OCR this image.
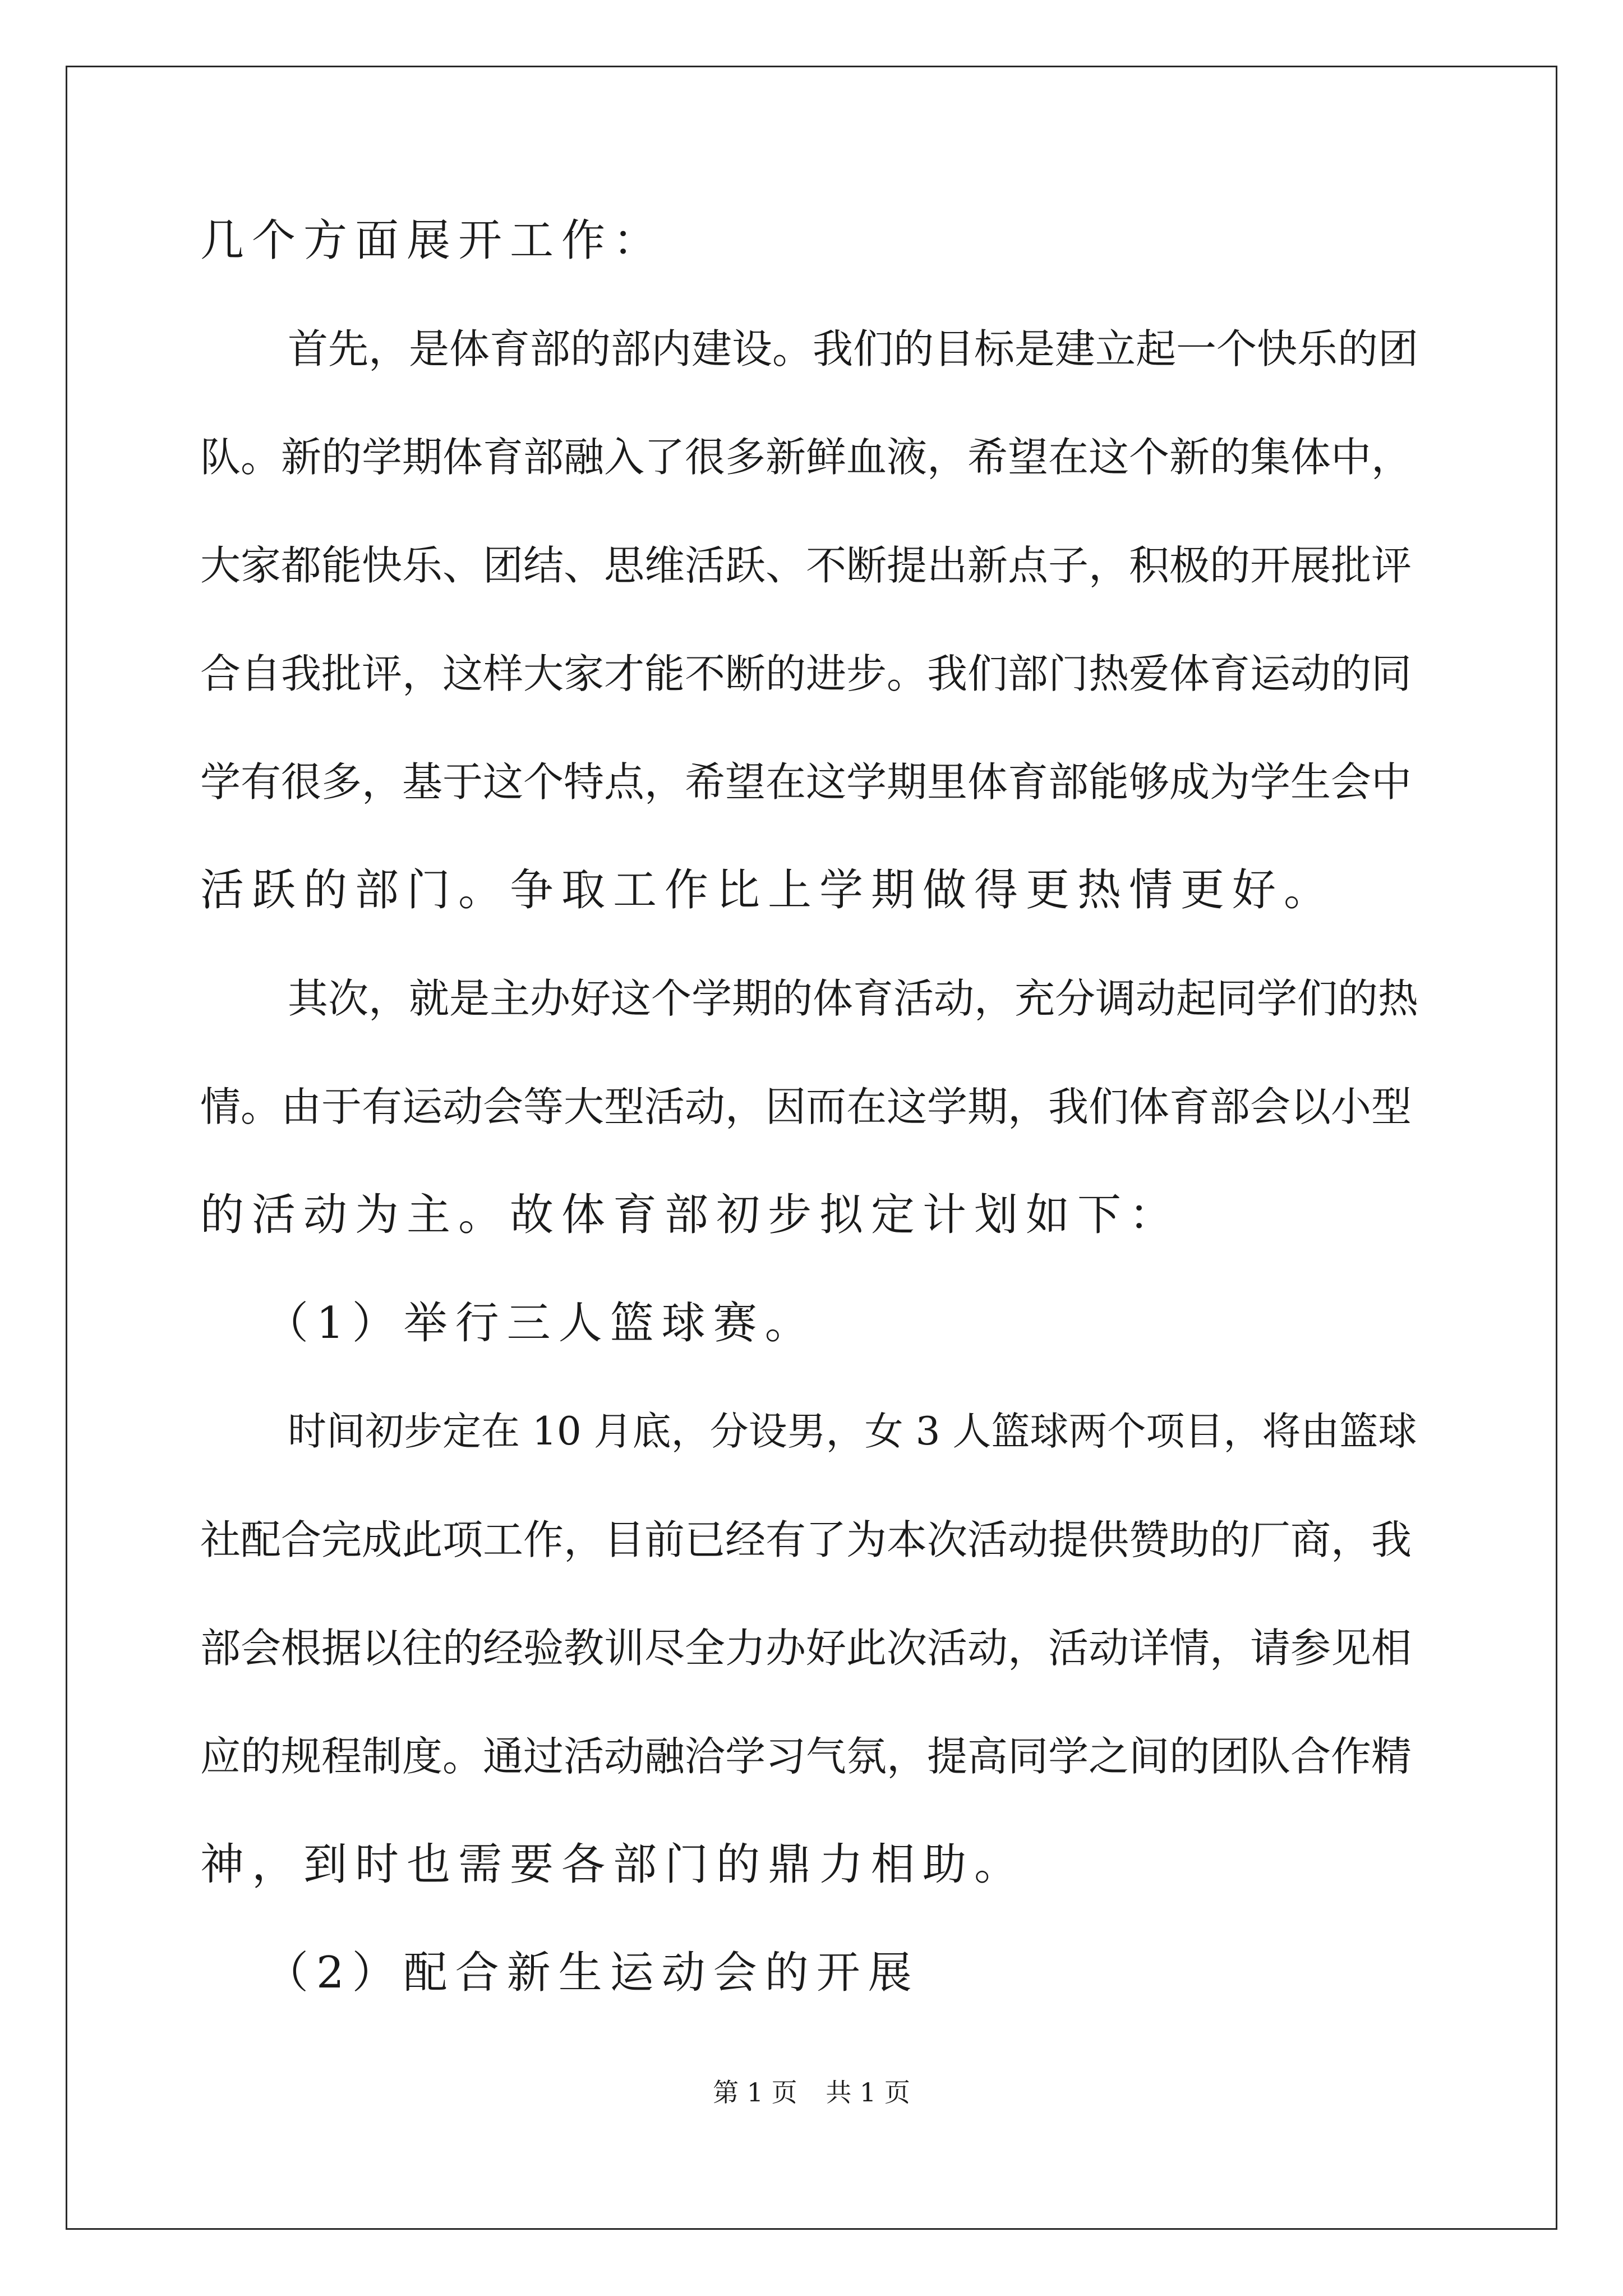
几个方面展开工作：
首先，是体育部的部内建设。我们的目标是建立起一个快乐的团
队。新的学期体育部融入了很多新鲜血液，希望在这个新的集体中，
大家都能快乐、团结、思维活跃、不断提出新点子，积极的开展批评
合自我批评，这样大家才能不断的进步。我们部门热爱体育运动的同
学有很多，基于这个特点，希望在这学期里体育部能够成为学生会中
活跃的部门。争取工作比上学期做得更热情更好。
其次，就是主办好这个学期的体育活动，充分调动起同学们的热
情。由于有运动会等大型活动，因而在这学期，我们体育部会以小型
的活动为主。故体育部初步拟定计划如下：
（1）举行三人篮球赛。
时间初步定在 10 月底，分设男，女 3 人篮球两个项目，将由篮球
社配合完成此项工作，目前已经有了为本次活动提供赞助的厂商，我
部会根据以往的经验教训尽全力办好此次活动，活动详情，请参见相
应的规程制度。通过活动融洽学习气氛，提高同学之间的团队合作精
神，到时也需要各部门的鼎力相助。
（2）配合新生运动会的开展
第 1 页 共 1 页
